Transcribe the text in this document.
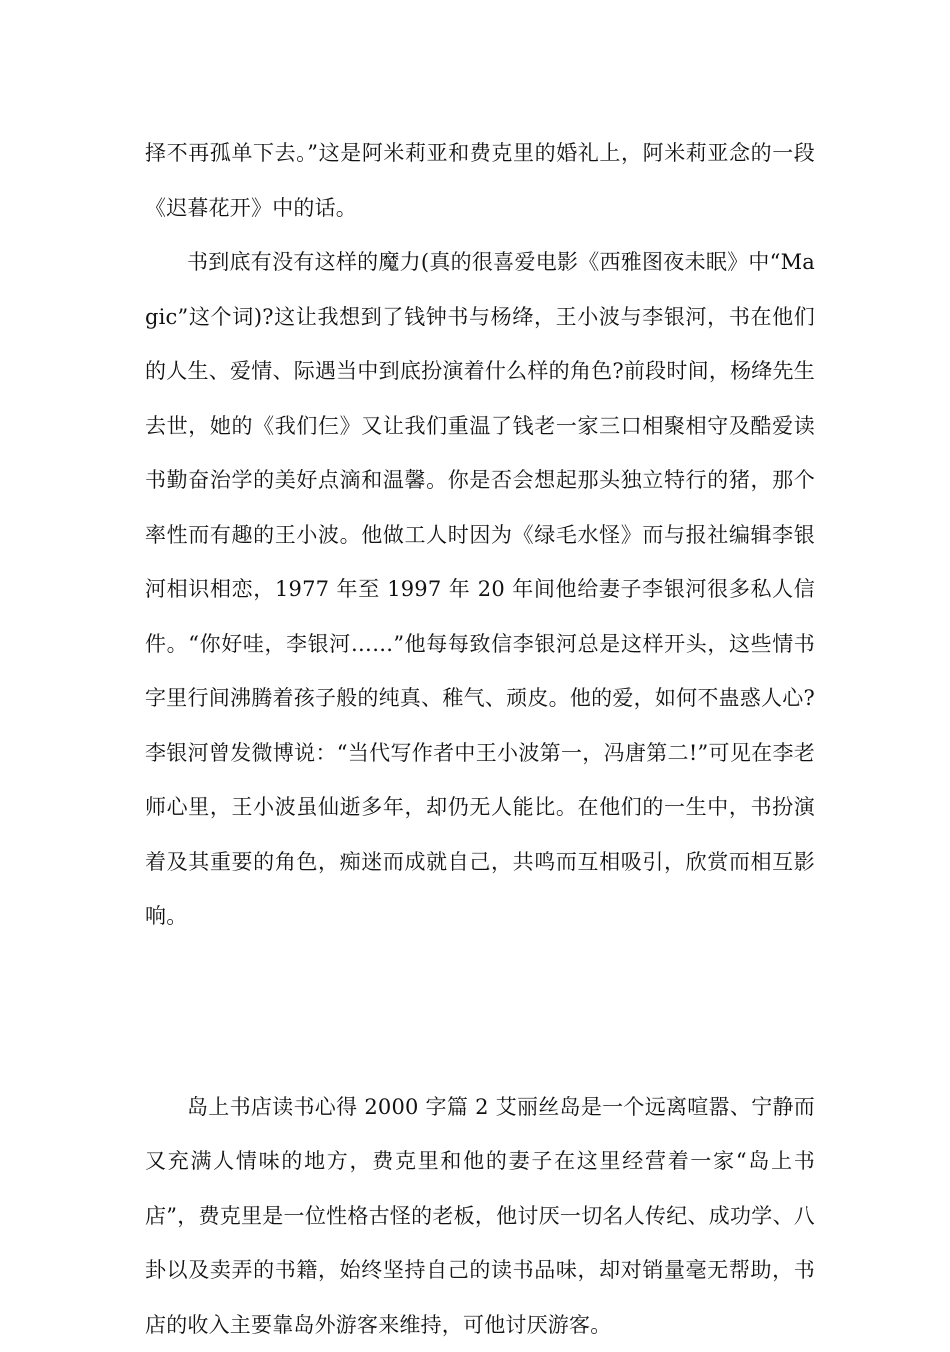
择不再孤单下去。”这是阿米莉亚和费克里的婚礼上，阿米莉亚念的一段《迟暮花开》中的话。

书到底有没有这样的魔力(真的很喜爱电影《西雅图夜未眠》中“Magic”这个词)?这让我想到了钱钟书与杨绛，王小波与李银河，书在他们的人生、爱情、际遇当中到底扮演着什么样的角色?前段时间，杨绛先生去世，她的《我们仨》又让我们重温了钱老一家三口相聚相守及酷爱读书勤奋治学的美好点滴和温馨。你是否会想起那头独立特行的猪，那个率性而有趣的王小波。他做工人时因为《绿毛水怪》而与报社编辑李银河相识相恋，1977 年至 1997 年 20 年间他给妻子李银河很多私人信件。“你好哇，李银河……”他每每致信李银河总是这样开头，这些情书字里行间沸腾着孩子般的纯真、稚气、顽皮。他的爱，如何不蛊惑人心?李银河曾发微博说：“当代写作者中王小波第一，冯唐第二!”可见在李老师心里，王小波虽仙逝多年，却仍无人能比。在他们的一生中，书扮演着及其重要的角色，痴迷而成就自己，共鸣而互相吸引，欣赏而相互影响。

岛上书店读书心得 2000 字篇 2 艾丽丝岛是一个远离喧嚣、宁静而又充满人情味的地方，费克里和他的妻子在这里经营着一家“岛上书店”，费克里是一位性格古怪的老板，他讨厌一切名人传纪、成功学、八卦以及卖弄的书籍，始终坚持自己的读书品味，却对销量毫无帮助，书店的收入主要靠岛外游客来维持，可他讨厌游客。
